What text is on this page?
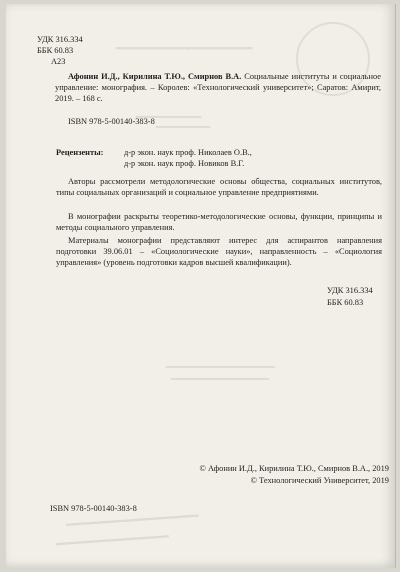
━━━━━━━━━━━━━━━━━━
━━━━━━━━━━━━
━━━━━━━━━━
━━━━━━━━━━━━━━━━━━━━
━━━━━━━━━━━━━━━━━━
━━━━━━━━━━━━━━━━━━━━
━━━━━━━━━━━━━━━━━
УДК 316.334
ББК 60.83
А23
Афонин И.Д., Кирилина Т.Ю., Смирнов В.А. Социальные институты и социальное управление: монография. – Королев: «Технологический университет»; Саратов: Амирит, 2019. – 168 с.
ISBN 978-5-00140-383-8
Рецензенты: д-р экон. наук проф. Николаев О.В.,
д-р экон. наук проф. Новиков В.Г.
Авторы рассмотрели методологические основы общества, социальных институтов, типы социальных организаций и социальное управление предприятиями.
В монографии раскрыты теоретико-методологические основы, функции, принципы и методы социального управления.
Материалы монографии представляют интерес для аспирантов направления подготовки 39.06.01 – «Социологические науки», направленность – «Социология управления» (уровень подготовки кадров высшей квалификации).
УДК 316.334
ББК 60.83
© Афонин И.Д., Кирилина Т.Ю., Смирнов В.А., 2019
© Технологический Университет, 2019
ISBN 978-5-00140-383-8
